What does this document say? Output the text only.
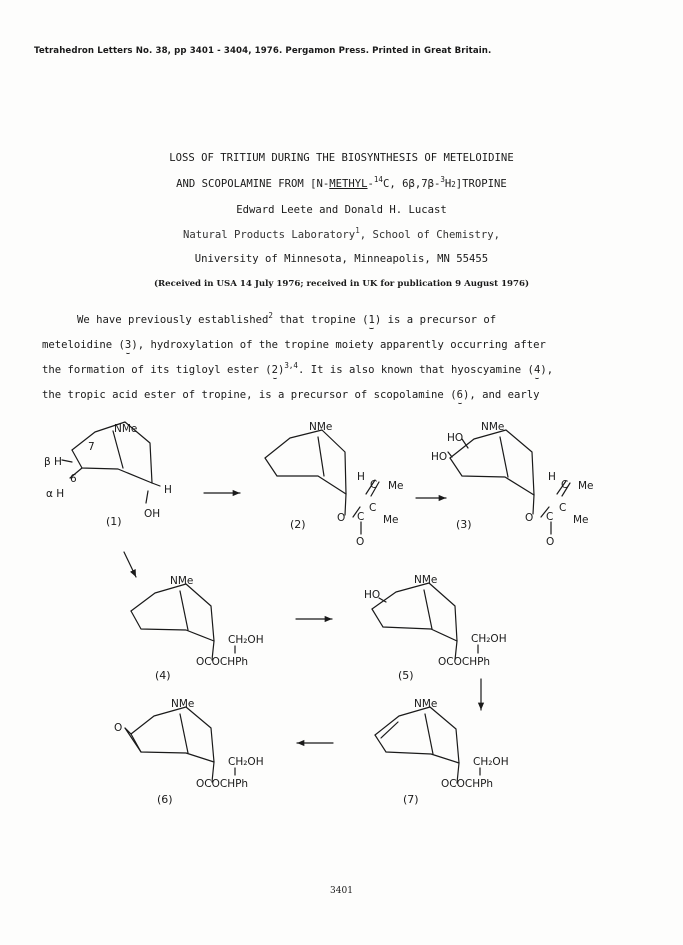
Tetrahedron Letters No. 38, pp 3401 - 3404, 1976. Pergamon Press. Printed in Great Britain.
LOSS OF TRITIUM DURING THE BIOSYNTHESIS OF METELOIDINE
AND SCOPOLAMINE FROM [N-METHYL-$^{14}$C, 6β,7β-$^3$H2]TROPINE
Edward Leete and Donald H. Lucast
Natural Products Laboratory$^1$, School of Chemistry,
University of Minnesota, Minneapolis, MN 55455
(Received in USA 14 July 1976; received in UK for publication 9 August 1976)
We have previously established$^2$ that tropine (1) is a precursor of
meteloidine (3), hydroxylation of the tropine moiety apparently occurring after
the formation of its tigloyl ester $(2)^{3,4}$. It is also known that hyoscyamine (4),
the tropic acid ester of tropine, is a precursor of scopolamine (6), and early
NMe
β H
α H
6
7
H
OH
(1)
NMe
H
C Me
O C
C
Me
O
(2)
HO
HO
NMe
H
C Me
O C
C
Me
O
(3)
NMe
CH₂OH
OCOCHPh
(4)
HO
NMe
CH₂OH
OCOCHPh
(5)
NMe
O
CH₂OH
OCOCHPh
(6)
NMe
CH₂OH
OCOCHPh
(7)
3401
